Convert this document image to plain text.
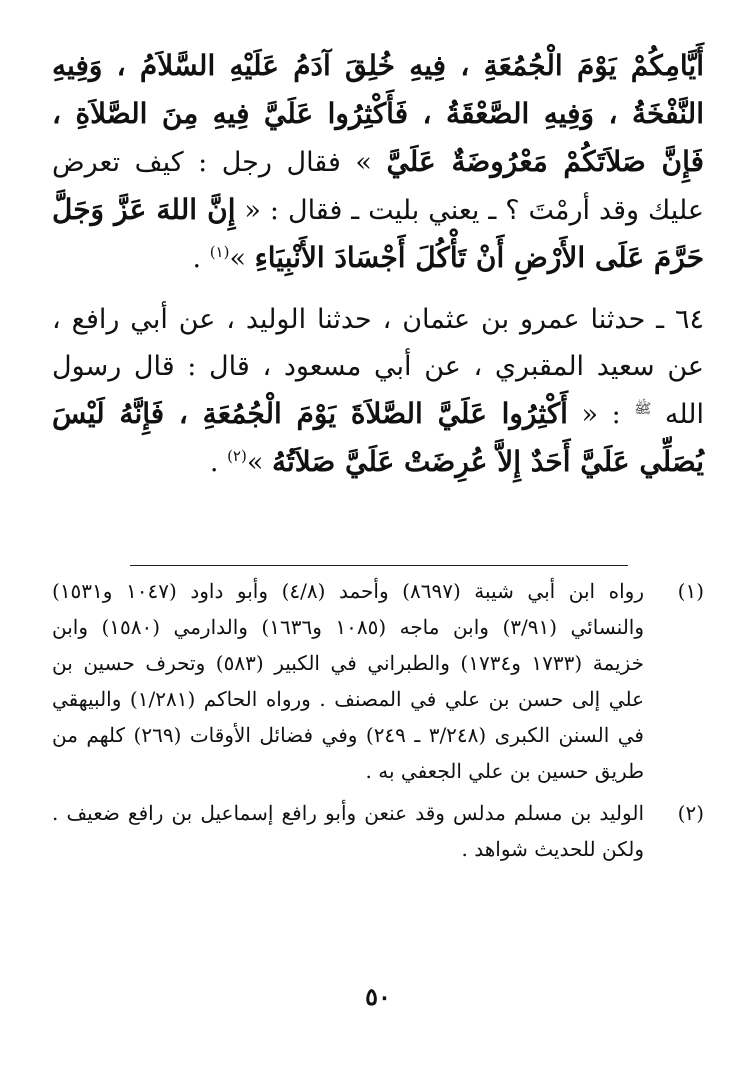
أَيَّامِكُمْ يَوْمَ الْجُمُعَةِ ، فِيهِ خُلِقَ آدَمُ عَلَيْهِ السَّلاَمُ ، وَفِيهِ النَّفْخَةُ ، وَفِيهِ الصَّعْقَةُ ، فَأَكْثِرُوا عَلَيَّ فِيهِ مِنَ الصَّلاَةِ ، فَإِنَّ صَلاَتَكُمْ مَعْرُوضَةٌ عَلَيَّ » فقال رجل : كيف تعرض عليك وقد أرمْتَ ؟ ـ يعني بليت ـ فقال : « إِنَّ اللهَ عَزَّ وَجَلَّ حَرَّمَ عَلَى الأَرْضِ أَنْ تَأْكُلَ أَجْسَادَ الأَنْبِيَاءِ »$^{(١)}$ .

٦٤ ـ حدثنا عمرو بن عثمان ، حدثنا الوليد ، عن أبي رافع ، عن سعيد المقبري ، عن أبي مسعود ، قال : قال رسول الله $^ﷺ$ : « أَكْثِرُوا عَلَيَّ الصَّلاَةَ يَوْمَ الْجُمُعَةِ ، فَإِنَّهُ لَيْسَ يُصَلِّي عَلَيَّ أَحَدٌ إِلاَّ عُرِضَتْ عَلَيَّ صَلاَتُهُ »$^{(٢)}$ .

(١)
رواه ابن أبي شيبة (٨٦٩٧) وأحمد (٤/٨) وأبو داود (١٠٤٧ و١٥٣١) والنسائي (٣/٩١) وابن ماجه (١٠٨٥ و١٦٣٦) والدارمي (١٥٨٠) وابن خزيمة (١٧٣٣ و١٧٣٤) والطبراني في الكبير (٥٨٣) وتحرف حسين بن علي إلى حسن بن علي في المصنف . ورواه الحاكم (١/٢٨١) والبيهقي في السنن الكبرى (٣/٢٤٨ ـ ٢٤٩) وفي فضائل الأوقات (٢٦٩) كلهم من طريق حسين بن علي الجعفي به .
(٢)
الوليد بن مسلم مدلس وقد عنعن وأبو رافع إسماعيل بن رافع ضعيف . ولكن للحديث شواهد .
٥٠
